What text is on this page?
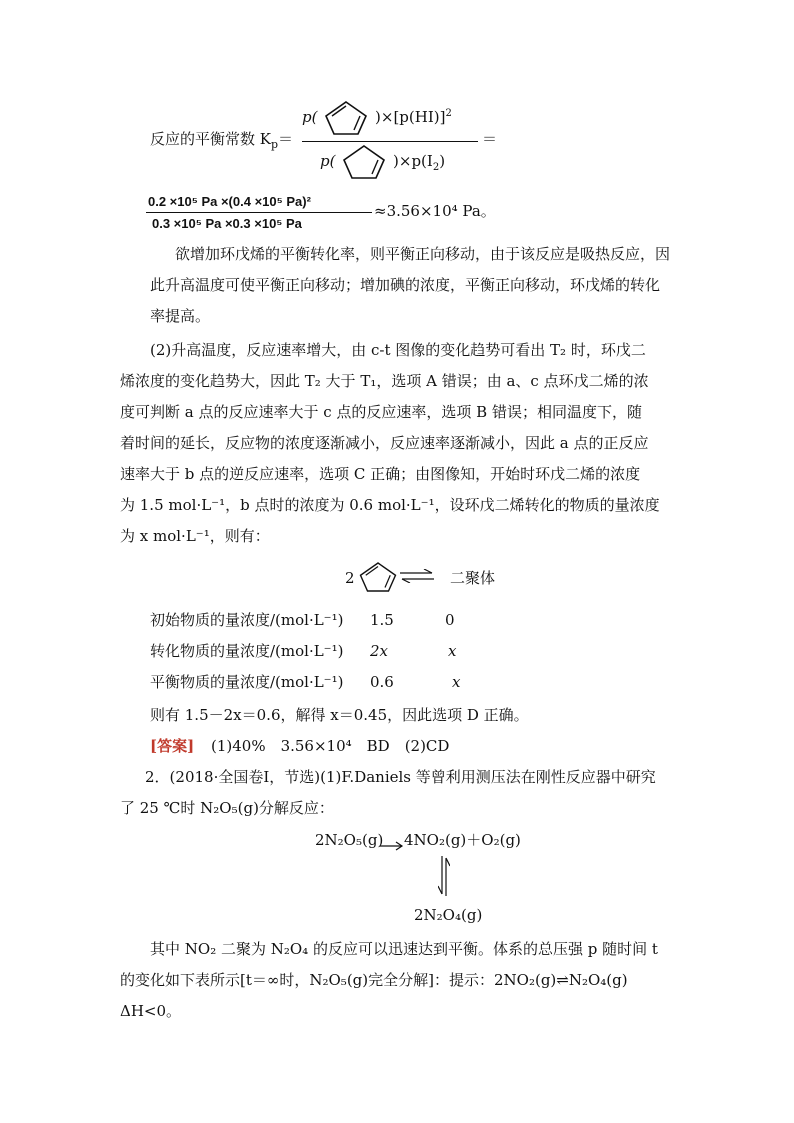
反应的平衡常数 $K_p=$
p(	)$\times[p(HI)]^2$
p(	)$\times p(I_2)$
＝
0.2 ×10⁵ Pa ×(0.4 ×10⁵ Pa)²
0.3 ×10⁵ Pa ×0.3 ×10⁵ Pa
≈3.56×10⁴ Pa。
欲增加环戊烯的平衡转化率，则平衡正向移动，由于该反应是吸热反应，因
此升高温度可使平衡正向移动；增加碘的浓度，平衡正向移动，环戊烯的转化
率提高。
(2)升高温度，反应速率增大，由 c-t 图像的变化趋势可看出 T₂ 时，环戊二
烯浓度的变化趋势大，因此 T₂ 大于 T₁，选项 A 错误；由 a、c 点环戊二烯的浓
度可判断 a 点的反应速率大于 c 点的反应速率，选项 B 错误；相同温度下，随
着时间的延长，反应物的浓度逐渐减小，反应速率逐渐减小，因此 a 点的正反应
速率大于 b 点的逆反应速率，选项 C 正确；由图像知，开始时环戊二烯的浓度
为 1.5 mol·L⁻¹，b 点时的浓度为 0.6 mol·L⁻¹，设环戊二烯转化的物质的量浓度
为 x mol·L⁻¹，则有：
2	⇌ 二聚体
初始物质的量浓度/(mol·L⁻¹) 1.5	0
转化物质的量浓度/(mol·L⁻¹) 2x	x
平衡物质的量浓度/(mol·L⁻¹) 0.6	x
则有 1.5－2x＝0.6，解得 x＝0.45，因此选项 D 正确。
[答案] (1)40%　3.56×10⁴　BD　(2)CD
2．(2018·全国卷Ⅰ，节选)(1)F.Daniels 等曾利用测压法在刚性反应器中研究
了 25 ℃时 N₂O₅(g)分解反应：
2N₂O₅(g) → 4NO₂(g)＋O₂(g)
2N₂O₄(g)
其中 NO₂ 二聚为 N₂O₄ 的反应可以迅速达到平衡。体系的总压强 p 随时间 t
的变化如下表所示[t＝∞时，N₂O₅(g)完全分解]：提示：2NO₂(g)⇌N₂O₄(g)
ΔH<0。
